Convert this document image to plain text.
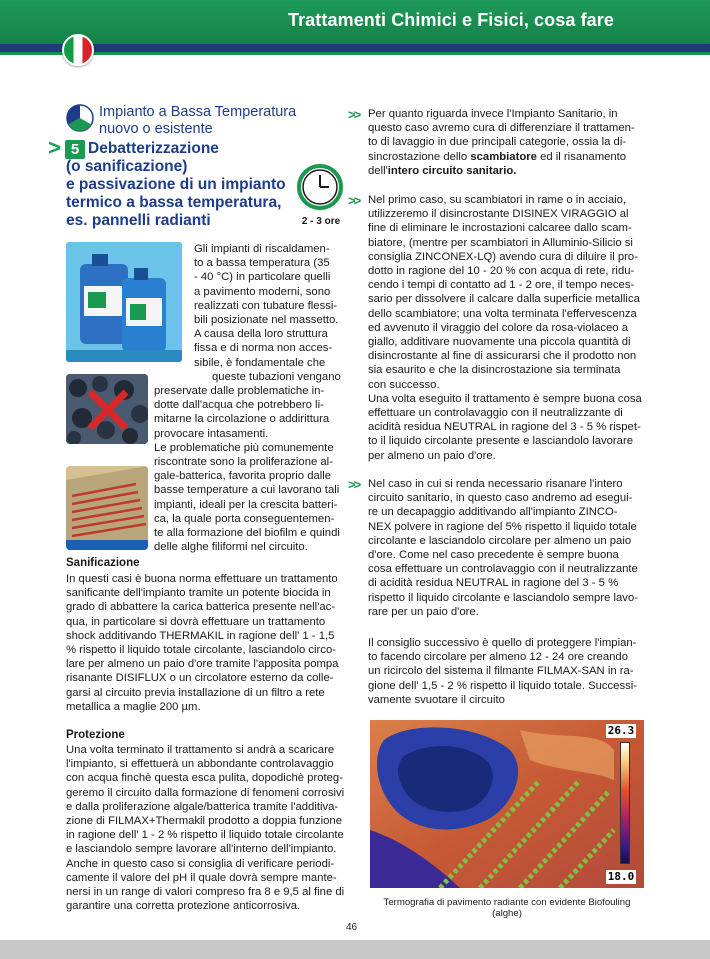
Trattamenti Chimici e Fisici, cosa fare
Impianto a Bassa Temperatura
nuovo o esistente
> 5 Debatterizzazione
(o sanificazione)
e passivazione di un impianto
termico a bassa temperatura,
es. pannelli radianti	2 - 3 ore
Gli impianti di riscaldamen-
to a bassa temperatura (35
- 40 °C) in particolare quelli
a pavimento moderni, sono
realizzati con tubature flessi-
bili posizionate nel massetto.
A causa della loro struttura
fissa e di norma non acces-
sibile, è fondamentale che
queste tubazioni vengano
preservate dalle problematiche in-
dotte dall'acqua che potrebbero li-
mitarne la circolazione o addirittura
provocare intasamenti.
Le problematiche più comunemente
riscontrate sono la proliferazione al-
gale-batterica, favorita proprio dalle
basse temperature a cui lavorano tali
impianti, ideali per la crescita batteri-
ca, la quale porta conseguentemen-
te alla formazione del biofilm e quindi
delle alghe filiformi nel circuito.
Sanificazione
In questi casi è buona norma effettuare un trattamento
sanificante dell'impianto tramite un potente biocida in
grado di abbattere la carica batterica presente nell'ac-
qua, in particolare si dovrà effettuare un trattamento
shock additivando THERMAKIL in ragione dell' 1 - 1,5
% rispetto il liquido totale circolante, lasciandolo circo-
lare per almeno un paio d'ore tramite l'apposita pompa
risanante DISIFLUX o un circolatore esterno da colle-
garsi al circuito previa installazione di un filtro a rete
metallica a maglie 200 µm.
Protezione
Una volta terminato il trattamento si andrà a scaricare
l'impianto, si effettuerà un abbondante controlavaggio
con acqua finchè questa esca pulita, dopodichè proteg-
geremo il circuito dalla formazione di fenomeni corrosivi
e dalla proliferazione algale/batterica tramite l'additiva-
zione di FILMAX+Thermakil prodotto a doppia funzione
in ragione dell' 1 - 2 % rispetto il liquido totale circolante
e lasciandolo sempre lavorare all'interno dell'impianto.
Anche in questo caso si consiglia di verificare periodi-
camente il valore del pH il quale dovrà sempre mante-
nersi in un range di valori compreso fra 8 e 9,5 al fine di
garantire una corretta protezione anticorrosiva.
>> Per quanto riguarda invece l'Impianto Sanitario, in
questo caso avremo cura di differenziare il trattamen-
to di lavaggio in due principali categorie, ossia la di-
sincrostazione dello scambiatore ed il risanamento
dell'intero circuito sanitario.
>> Nel primo caso, su scambiatori in rame o in acciaio,
utilizzeremo il disincrostante DISINEX VIRAGGIO al
fine di eliminare le incrostazioni calcaree dallo scam-
biatore, (mentre per scambiatori in Alluminio-Silicio si
consiglia ZINCONEX-LQ) avendo cura di diluire il pro-
dotto in ragione del 10 - 20 % con acqua di rete, ridu-
cendo i tempi di contatto ad 1 - 2 ore, il tempo neces-
sario per dissolvere il calcare dalla superficie metallica
dello scambiatore; una volta terminata l'effervescenza
ed avvenuto il viraggio del colore da rosa-violaceo a
giallo, additivare nuovamente una piccola quantità di
disincrostante al fine di assicurarsi che il prodotto non
sia esaurito e che la disincrostazione sia terminata
con successo.
Una volta eseguito il trattamento è sempre buona cosa
effettuare un controlavaggio con il neutralizzante di
acidità residua NEUTRAL in ragione del 3 - 5 % rispet-
to il liquido circolante presente e lasciandolo lavorare
per almeno un paio d'ore.
>> Nel caso in cui si renda necessario risanare l'intero
circuito sanitario, in questo caso andremo ad esegui-
re un decapaggio additivando all'impianto ZINCO-
NEX polvere in ragione del 5% rispetto il liquido totale
circolante e lasciandolo circolare per almeno un paio
d'ore. Come nel caso precedente è sempre buona
cosa effettuare un controlavaggio con il neutralizzante
di acidità residua NEUTRAL in ragione del 3 - 5 %
rispetto il liquido circolante e lasciandolo sempre lavo-
rare per un paio d'ore.
Il consiglio successivo è quello di proteggere l'impian-
to facendo circolare per almeno 12 - 24 ore creando
un ricircolo del sistema il filmante FILMAX-SAN in ra-
gione dell' 1,5 - 2 % rispetto il liquido totale. Successi-
vamente svuotare il circuito
26.3
18.0
Termografia di pavimento radiante con evidente Biofouling (alghe)
46
